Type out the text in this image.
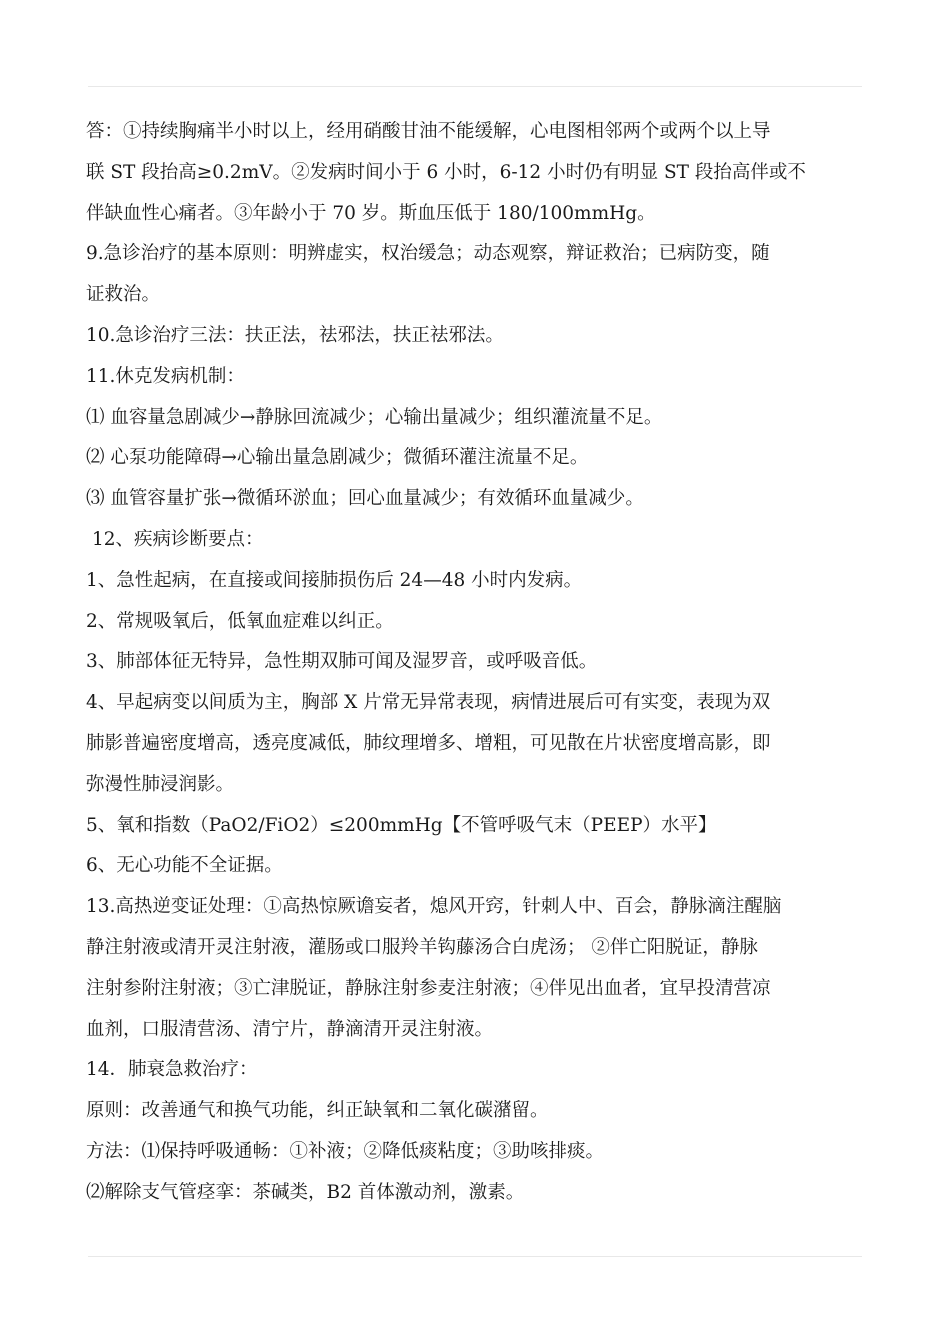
答：①持续胸痛半小时以上，经用硝酸甘油不能缓解，心电图相邻两个或两个以上导
联 ST 段抬高≥0.2mV。②发病时间小于 6 小时，6-12 小时仍有明显 ST 段抬高伴或不
伴缺血性心痛者。③年龄小于 70 岁。斯血压低于 180/100mmHg。
9.急诊治疗的基本原则：明辨虚实，权治缓急；动态观察，辩证救治；已病防变，随
证救治。
10.急诊治疗三法：扶正法，祛邪法，扶正祛邪法。
11.休克发病机制：
⑴ 血容量急剧减少→静脉回流减少；心输出量减少；组织灌流量不足。
⑵ 心泵功能障碍→心输出量急剧减少；微循环灌注流量不足。
⑶ 血管容量扩张→微循环淤血；回心血量减少；有效循环血量减少。
12、疾病诊断要点：
1、急性起病，在直接或间接肺损伤后 24—48 小时内发病。
2、常规吸氧后，低氧血症难以纠正。
3、肺部体征无特异，急性期双肺可闻及湿罗音，或呼吸音低。
4、早起病变以间质为主，胸部 X 片常无异常表现，病情进展后可有实变，表现为双
肺影普遍密度增高，透亮度减低，肺纹理增多、增粗，可见散在片状密度增高影，即
弥漫性肺浸润影。
5、氧和指数（PaO2/FiO2）≤200mmHg【不管呼吸气末（PEEP）水平】
6、无心功能不全证据。
13.高热逆变证处理：①高热惊厥谵妄者，熄风开窍，针刺人中、百会，静脉滴注醒脑
静注射液或清开灵注射液，灌肠或口服羚羊钩藤汤合白虎汤； ②伴亡阳脱证，静脉
注射参附注射液；③亡津脱证，静脉注射参麦注射液；④伴见出血者，宜早投清营凉
血剂，口服清营汤、清宁片，静滴清开灵注射液。
14．肺衰急救治疗：
原则：改善通气和换气功能，纠正缺氧和二氧化碳潴留。
方法：⑴保持呼吸通畅：①补液；②降低痰粘度；③助咳排痰。
⑵解除支气管痉挛：茶碱类，B2 首体激动剂，激素。
